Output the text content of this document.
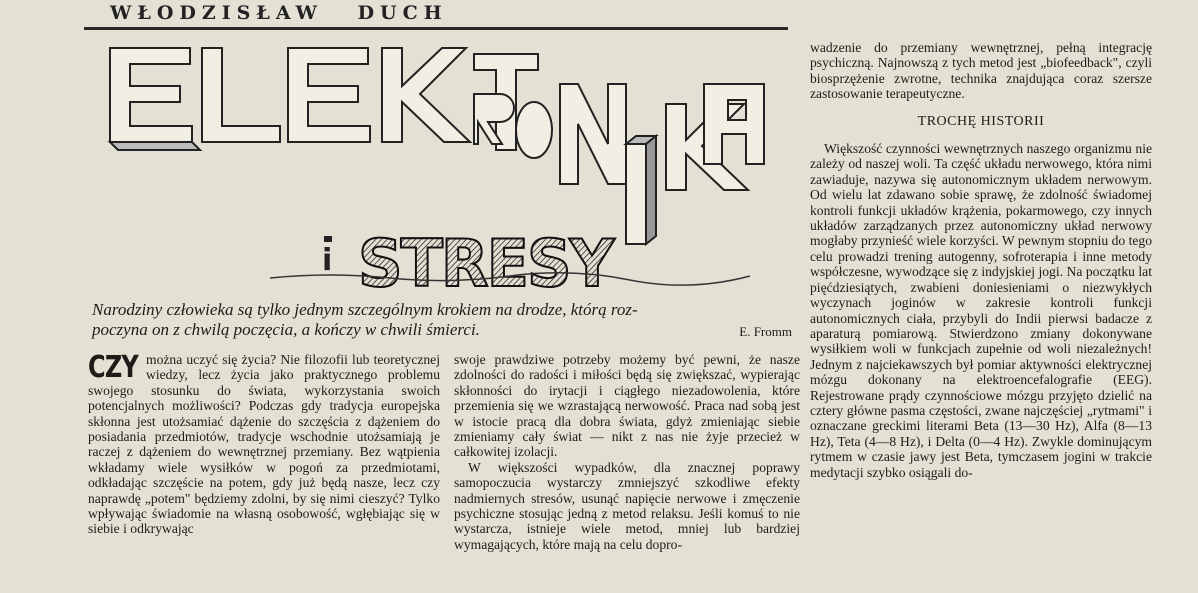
WŁODZISŁAW DUCH
i STRESY
Narodziny człowieka są tylko jednym szczególnym krokiem na drodze, którą roz-
poczyna on z chwilą poczęcia, a kończy w chwili śmierci.	E. Fromm
CZY można uczyć się życia? Nie filozofii lub teoretycznej wiedzy, lecz życia jako praktycznego problemu swojego stosunku do świata, wykorzystania swoich potencjalnych możliwości? Podczas gdy tradycja europejska skłonna jest utożsamiać dążenie do szczęścia z dążeniem do posiadania przedmiotów, tradycje wschodnie utożsamiają je raczej z dążeniem do wewnętrznej przemiany. Bez wątpienia wkładamy wiele wysiłków w pogoń za przedmiotami, odkładając szczęście na potem, gdy już będą nasze, lecz czy naprawdę „potem" będziemy zdolni, by się nimi cieszyć? Tylko wpływając świadomie na własną osobowość, wgłębiając się w siebie i odkrywając

swoje prawdziwe potrzeby możemy być pewni, że nasze zdolności do radości i miłości będą się zwiększać, wypierając skłonności do irytacji i ciągłego niezadowolenia, które przemienia się we wzrastającą nerwowość. Praca nad sobą jest w istocie pracą dla dobra świata, gdyż zmieniając siebie zmieniamy cały świat — nikt z nas nie żyje przecież w całkowitej izolacji.

W większości wypadków, dla znacznej poprawy samopoczucia wystarczy zmniejszyć szkodliwe efekty nadmiernych stresów, usunąć napięcie nerwowe i zmęczenie psychiczne stosując jedną z metod relaksu. Jeśli komuś to nie wystarcza, istnieje wiele metod, mniej lub bardziej wymagających, które mają na celu dopro-

wadzenie do przemiany wewnętrznej, pełną integrację psychiczną. Najnowszą z tych metod jest „biofeedback", czyli biosprzężenie zwrotne, technika znajdująca coraz szersze zastosowanie terapeutyczne.

TROCHĘ HISTORII

Większość czynności wewnętrznych naszego organizmu nie zależy od naszej woli. Ta część układu nerwowego, która nimi zawiaduje, nazywa się autonomicznym układem nerwowym. Od wielu lat zdawano sobie sprawę, że zdolność świadomej kontroli funkcji układów krążenia, pokarmowego, czy innych układów zarządzanych przez autonomiczny układ nerwowy mogłaby przynieść wiele korzyści. W pewnym stopniu do tego celu prowadzi trening autogenny, sofroterapia i inne metody współczesne, wywodzące się z indyjskiej jogi. Na początku lat pięćdziesiątych, zwabieni doniesieniami o niezwykłych wyczynach joginów w zakresie kontroli funkcji autonomicznych ciała, przybyli do Indii pierwsi badacze z aparaturą pomiarową. Stwierdzono zmiany dokonywane wysiłkiem woli w funkcjach zupełnie od woli niezależnych! Jednym z najciekawszych był pomiar aktywności elektrycznej mózgu dokonany na elektroencefalografie (EEG). Rejestrowane prądy czynnościowe mózgu przyjęto dzielić na cztery główne pasma częstości, zwane najczęściej „rytmami" i oznaczane greckimi literami Beta (13—30 Hz), Alfa (8—13 Hz), Teta (4—8 Hz), i Delta (0—4 Hz). Zwykle dominującym rytmem w czasie jawy jest Beta, tymczasem jogini w trakcie medytacji szybko osiągali do-
